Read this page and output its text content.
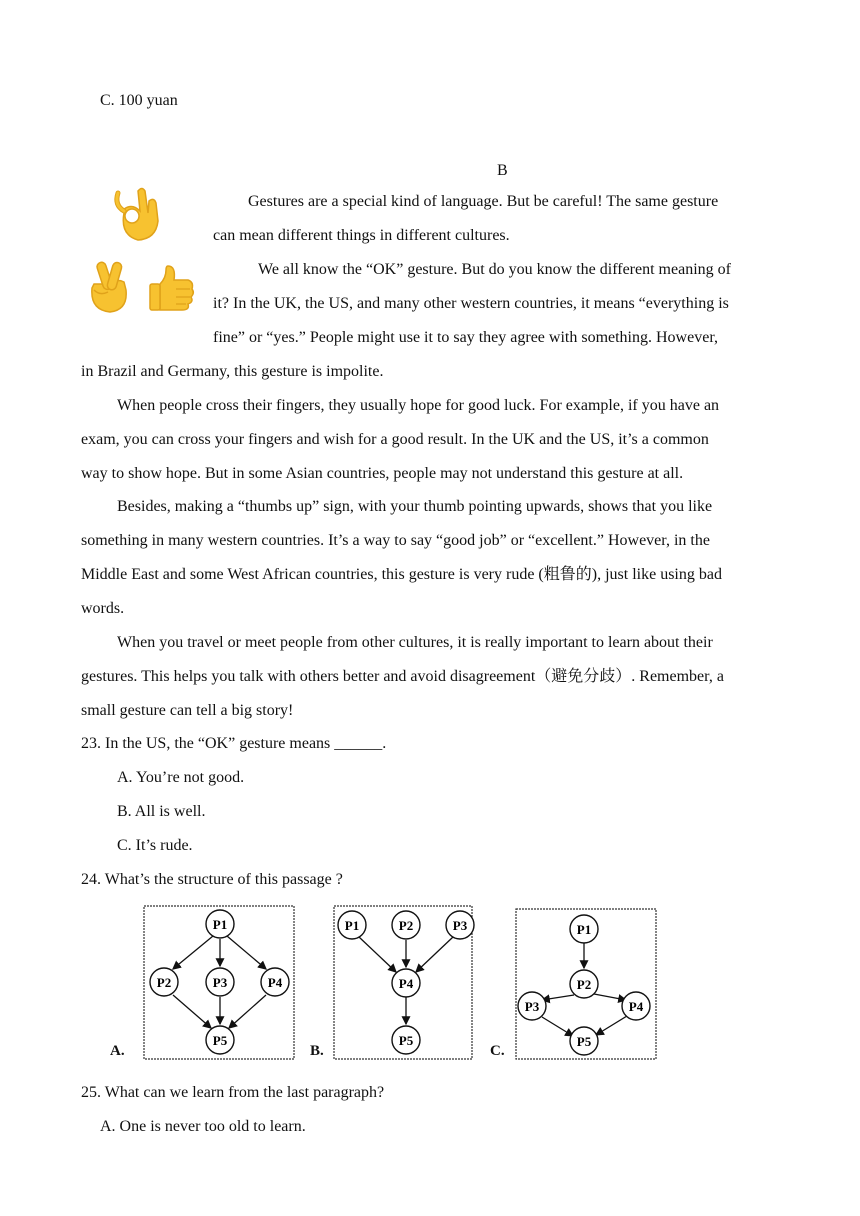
C. 100 yuan
B
Gestures are a special kind of language. But be careful! The same gesture
can mean different things in different cultures.
We all know the “OK” gesture. But do you know the different meaning of
it? In the UK, the US, and many other western countries, it means “everything is
fine” or “yes.” People might use it to say they agree with something. However,
in Brazil and Germany, this gesture is impolite.
When people cross their fingers, they usually hope for good luck. For example, if you have an
exam, you can cross your fingers and wish for a good result. In the UK and the US, it’s a common
way to show hope. But in some Asian countries, people may not understand this gesture at all.
Besides, making a “thumbs up” sign, with your thumb pointing upwards, shows that you like
something in many western countries. It’s a way to say “good job” or “excellent.” However, in the
Middle East and some West African countries, this gesture is very rude (粗鲁的), just like using bad
words.
When you travel or meet people from other cultures, it is really important to learn about their
gestures. This helps you talk with others better and avoid disagreement（避免分歧）. Remember, a
small gesture can tell a big story!
23. In the US, the “OK” gesture means ______.
A. You’re not good.
B. All is well.
C. It’s rude.
24. What’s the structure of this passage ?
P1
P2	P3	P4
P5
A.
P1	P2	P3
P4
P5
B.
P1
P2
P3	P4
P5
C.
25. What can we learn from the last paragraph?
A. One is never too old to learn.
